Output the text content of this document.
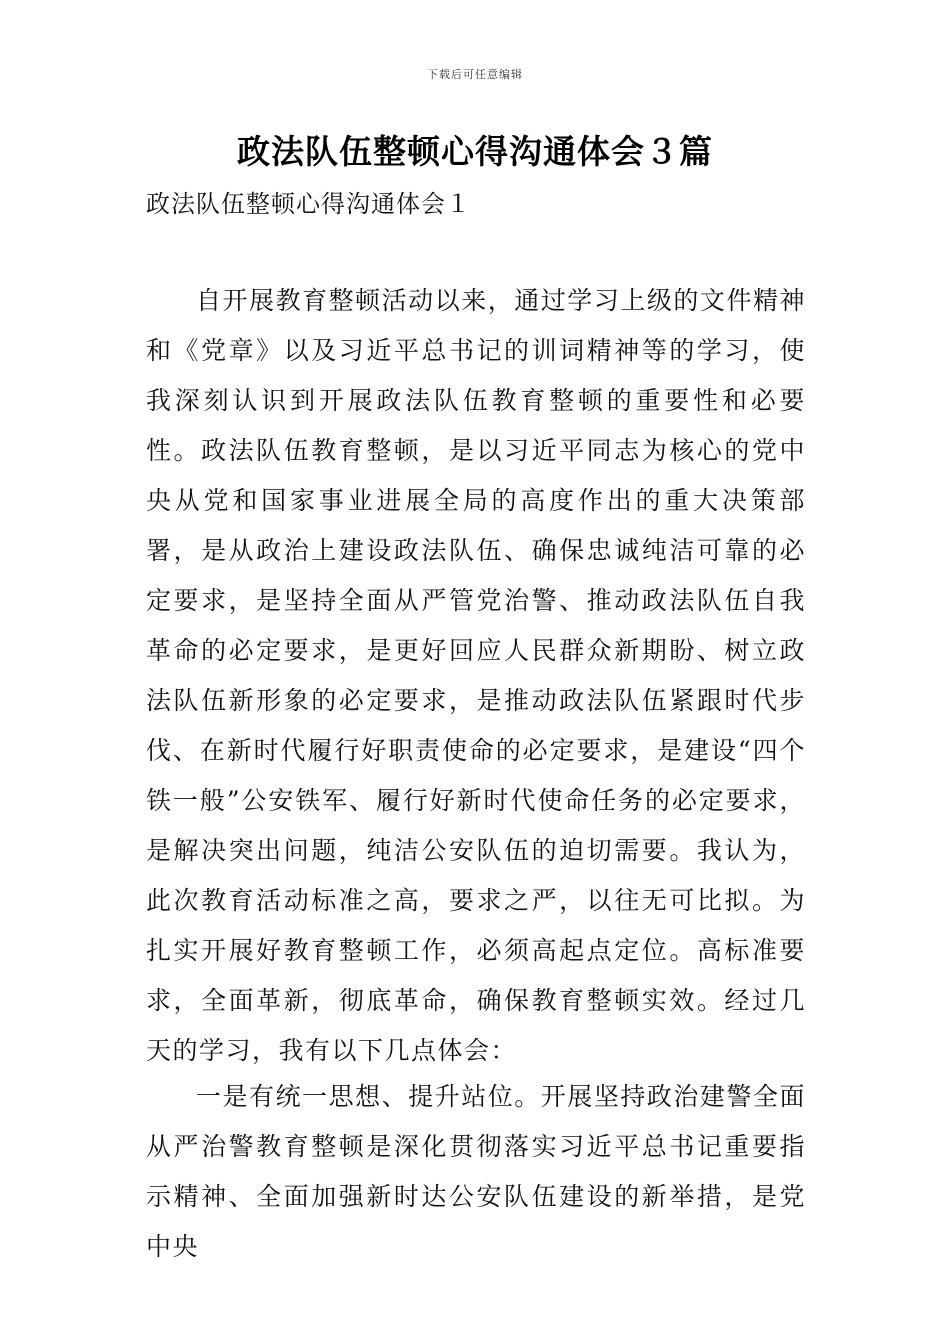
下载后可任意编辑
政法队伍整顿心得沟通体会３篇
政法队伍整顿心得沟通体会１

自开展教育整顿活动以来，通过学习上级的文件精神和《党章》以及习近平总书记的训词精神等的学习，使我深刻认识到开展政法队伍教育整顿的重要性和必要性。政法队伍教育整顿，是以习近平同志为核心的党中央从党和国家事业进展全局的高度作出的重大决策部署，是从政治上建设政法队伍、确保忠诚纯洁可靠的必定要求，是坚持全面从严管党治警、推动政法队伍自我革命的必定要求，是更好回应人民群众新期盼、树立政法队伍新形象的必定要求，是推动政法队伍紧跟时代步伐、在新时代履行好职责使命的必定要求，是建设“四个铁一般”公安铁军、履行好新时代使命任务的必定要求，是解决突出问题，纯洁公安队伍的迫切需要。我认为，此次教育活动标准之高，要求之严，以往无可比拟。为扎实开展好教育整顿工作，必须高起点定位。高标准要求，全面革新，彻底革命，确保教育整顿实效。经过几天的学习，我有以下几点体会：

一是有统一思想、提升站位。开展坚持政治建警全面从严治警教育整顿是深化贯彻落实习近平总书记重要指示精神、全面加强新时达公安队伍建设的新举措，是党中央
